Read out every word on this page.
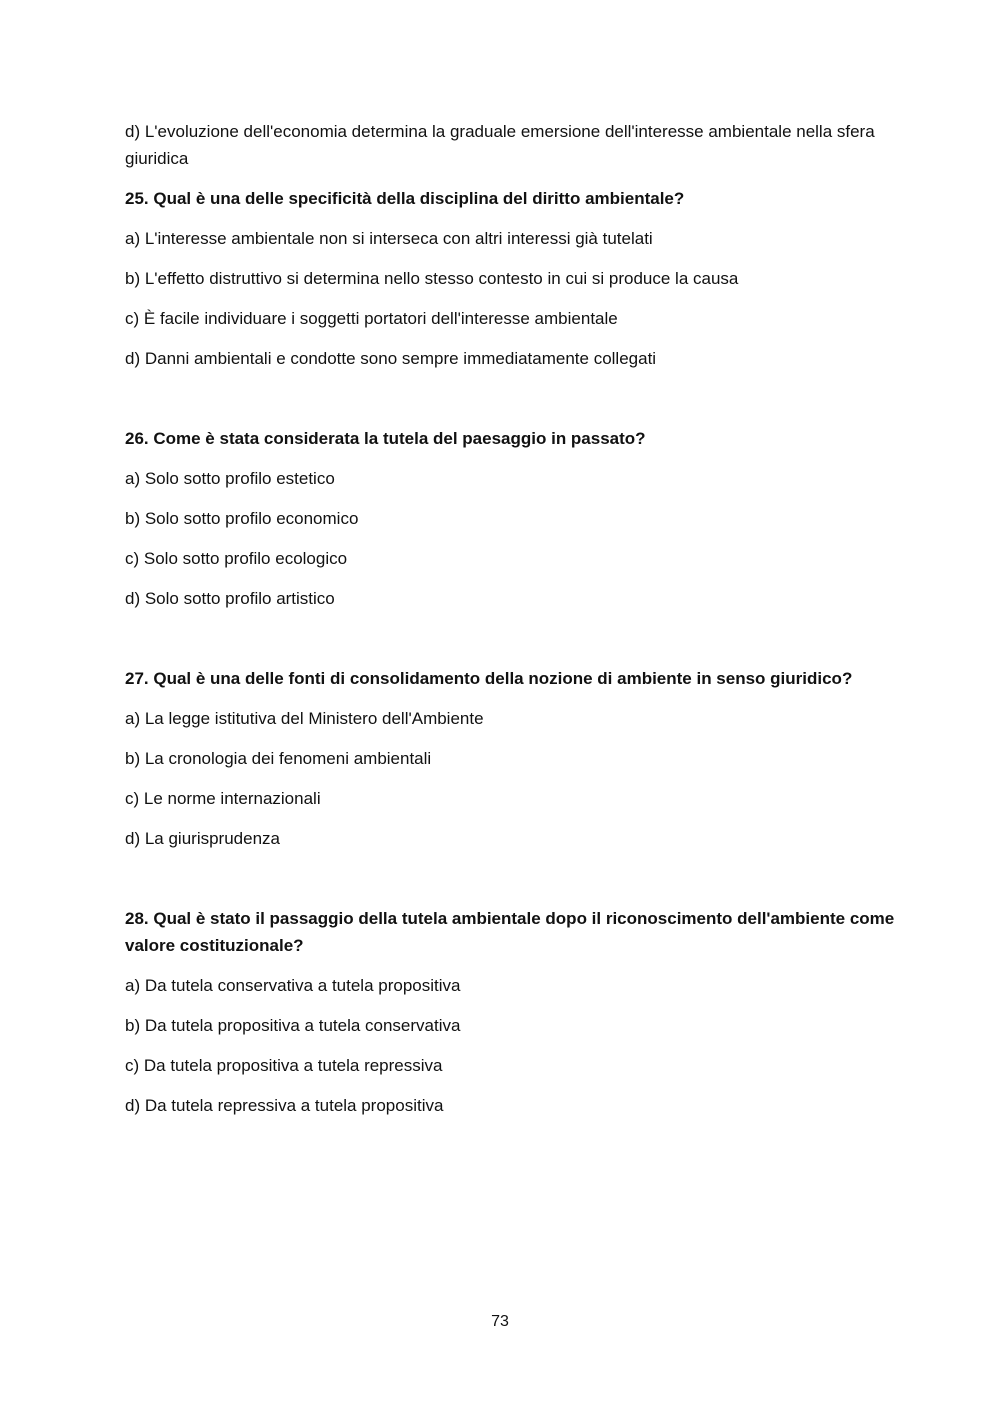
d) L'evoluzione dell'economia determina la graduale emersione dell'interesse ambientale nella sfera giuridica

25. Qual è una delle specificità della disciplina del diritto ambientale?

a) L'interesse ambientale non si interseca con altri interessi già tutelati

b) L'effetto distruttivo si determina nello stesso contesto in cui si produce la causa

c) È facile individuare i soggetti portatori dell'interesse ambientale

d) Danni ambientali e condotte sono sempre immediatamente collegati

26. Come è stata considerata la tutela del paesaggio in passato?

a) Solo sotto profilo estetico

b) Solo sotto profilo economico

c) Solo sotto profilo ecologico

d) Solo sotto profilo artistico

27. Qual è una delle fonti di consolidamento della nozione di ambiente in senso giuridico?

a) La legge istitutiva del Ministero dell'Ambiente

b) La cronologia dei fenomeni ambientali

c) Le norme internazionali

d) La giurisprudenza

28. Qual è stato il passaggio della tutela ambientale dopo il riconoscimento dell'ambiente come valore costituzionale?

a) Da tutela conservativa a tutela propositiva

b) Da tutela propositiva a tutela conservativa

c) Da tutela propositiva a tutela repressiva

d) Da tutela repressiva a tutela propositiva

73
